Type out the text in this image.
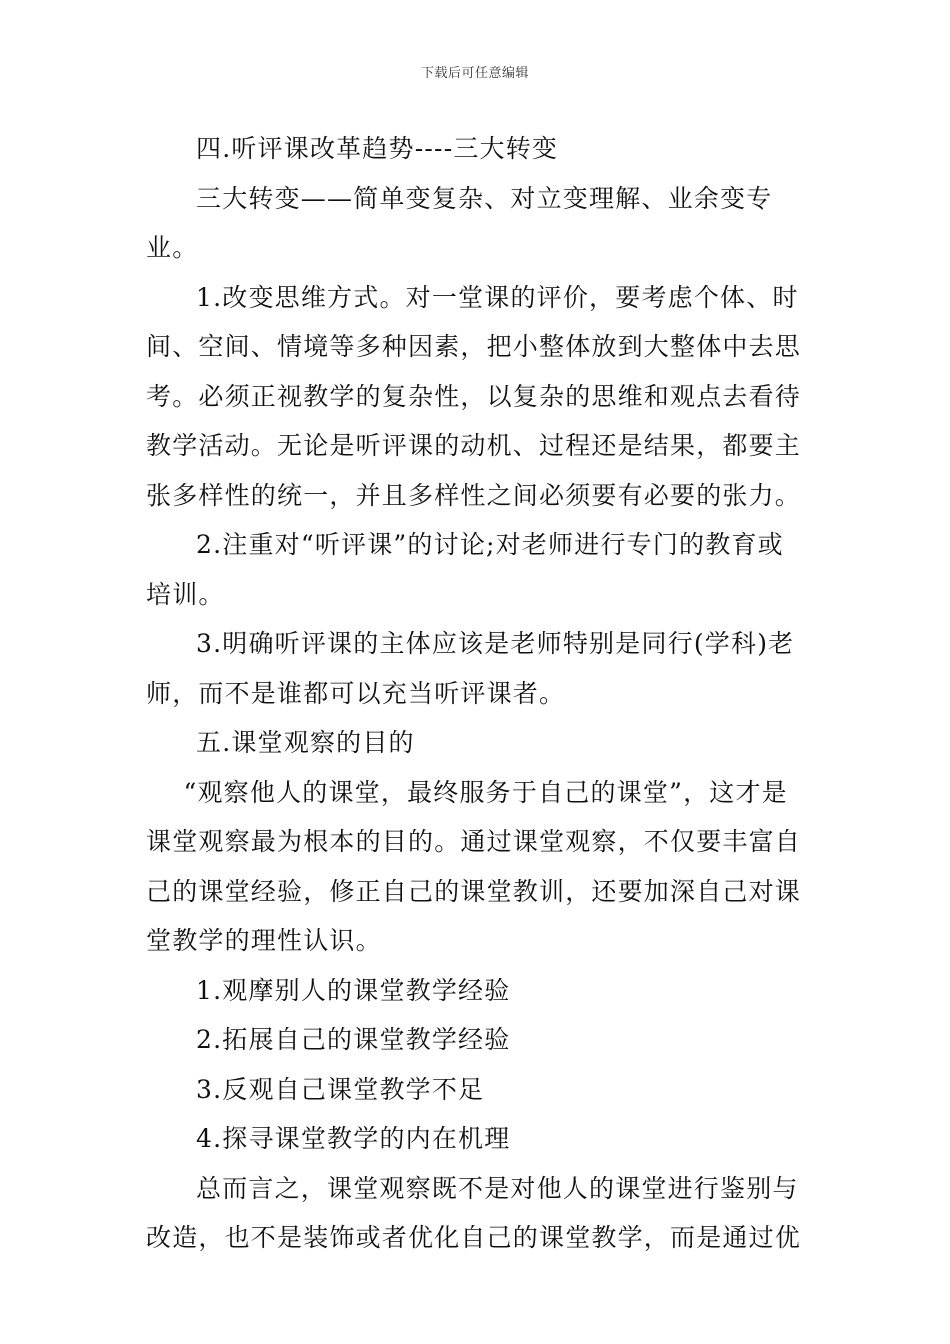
下载后可任意编辑

四.听评课改革趋势----三大转变

三大转变——简单变复杂、对立变理解、业余变专业。

1.改变思维方式。对一堂课的评价，要考虑个体、时间、空间、情境等多种因素，把小整体放到大整体中去思考。必须正视教学的复杂性，以复杂的思维和观点去看待教学活动。无论是听评课的动机、过程还是结果，都要主张多样性的统一，并且多样性之间必须要有必要的张力。

2.注重对“听评课”的讨论;对老师进行专门的教育或培训。

3.明确听评课的主体应该是老师特别是同行(学科)老师，而不是谁都可以充当听评课者。

五.课堂观察的目的

“观察他人的课堂，最终服务于自己的课堂”，这才是课堂观察最为根本的目的。通过课堂观察，不仅要丰富自己的课堂经验，修正自己的课堂教训，还要加深自己对课堂教学的理性认识。

1.观摩别人的课堂教学经验

2.拓展自己的课堂教学经验

3.反观自己课堂教学不足

4.探寻课堂教学的内在机理

总而言之，课堂观察既不是对他人的课堂进行鉴别与改造，也不是装饰或者优化自己的课堂教学，而是通过优
